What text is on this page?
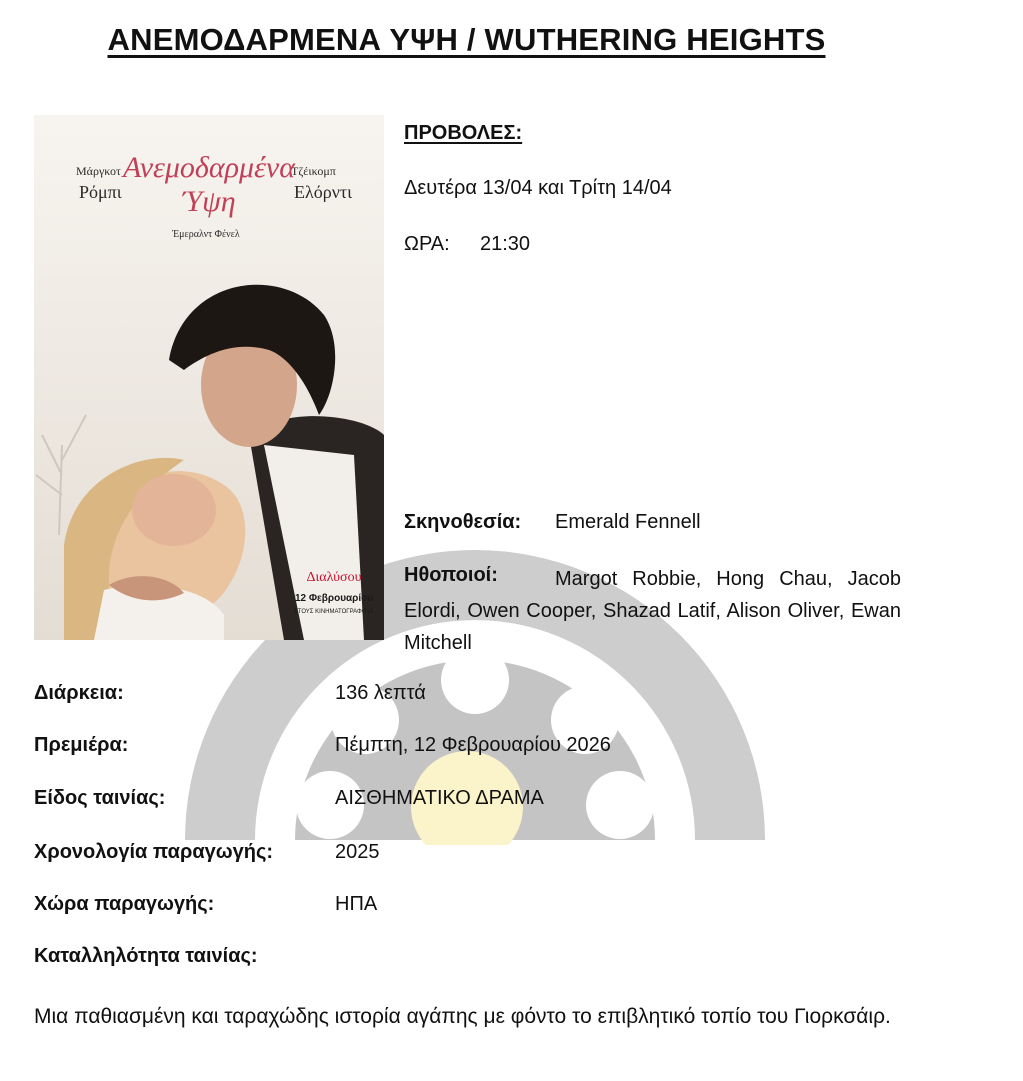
ΑΝΕΜΟΔΑΡΜΕΝΑ ΥΨΗ / WUTHERING HEIGHTS
Μάργκοτ
Ρόμπι
Τζέικομπ
Ελόρντι
Ανεμοδαρμένα
Ύψη
Έμεραλντ Φένελ
Διαλύσου
12 Φεβρουαρίου
ΣΤΟΥΣ ΚΙΝΗΜΑΤΟΓΡΑΦΟΥΣ
ΠΡΟΒΟΛΕΣ:
Δευτέρα 13/04 και Τρίτη 14/04
ΩΡΑ: 21:30
Σκηνοθεσία: Emerald Fennell
Ηθοποιοί:	Margot Robbie, Hong Chau, Jacob Elordi, Owen Cooper, Shazad Latif, Alison Oliver, Ewan Mitchell
Διάρκεια:	136 λεπτά
Πρεμιέρα:	Πέμπτη, 12 Φεβρουαρίου 2026
Είδος ταινίας:	ΑΙΣΘΗΜΑΤΙΚΟ ΔΡΑΜΑ
Χρονολογία παραγωγής:	2025
Χώρα παραγωγής:	ΗΠΑ
Καταλληλότητα ταινίας:
Μια παθιασμένη και ταραχώδης ιστορία αγάπης με φόντο το επιβλητικό τοπίο του Γιορκσάιρ.
